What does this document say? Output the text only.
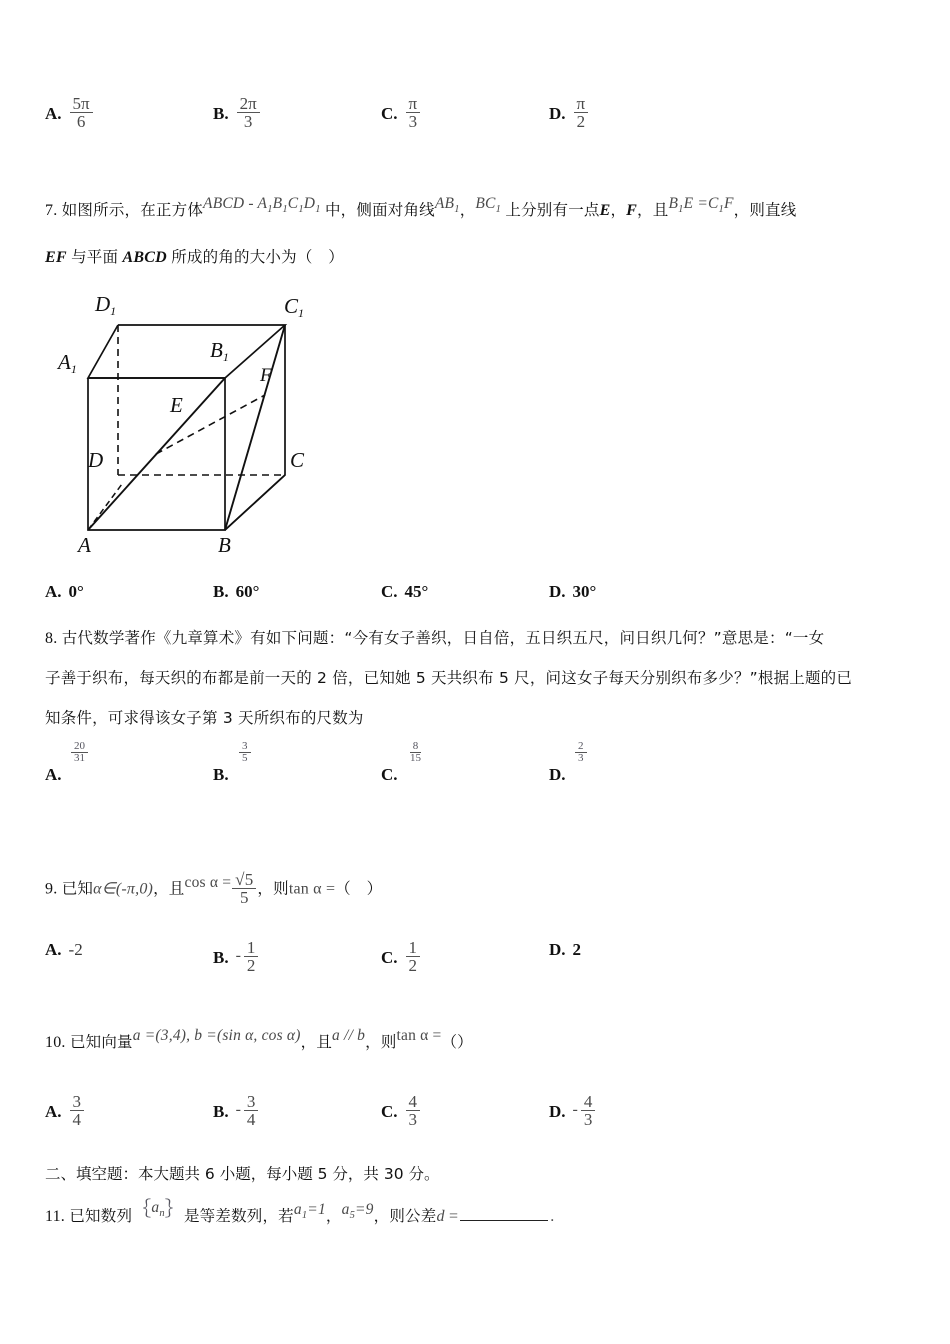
A. $\frac{5\pi}{6}$	B. $\frac{2\pi}{3}$	C. $\frac{\pi}{3}$	D. $\frac{\pi}{2}$
7. 如图所示，在正方体ABCD - $A_1B_1C_1D_1$ 中，侧面对角线$AB_1$，$BC_1$ 上分别有一点E，F，且$B_1E =C_1F$，则直线
EF 与平面 ABCD 所成的角的大小为（　）
D1	C1
A1
B1
D	C
A	B
E
F
A. 0°	B. 60°	C. 45°	D. 30°
8. 古代数学著作《九章算术》有如下问题：“今有女子善织，日自倍，五日织五尺，问日织几何？”意思是：“一女
子善于织布，每天织的布都是前一天的 2 倍，已知她 5 天共织布 5 尺，问这女子每天分别织布多少？”根据上题的已
知条件，可求得该女子第 3 天所织布的尺数为
$\frac{20}{31}$
A.
$\frac{3}{5}$
B.
$\frac{8}{15}$
C.
$\frac{2}{3}$
D.
9. 已知α∈(-π,0)，且$\cos \alpha = \frac{√5}{5}$ ，则tan α =（　）
A. -2	B. - $\frac{1}{2}$	C. $\frac{1}{2}$	D. 2
10. 已知向量a =(3,4), b =(sin α, cos α)，且a // b，则tan α =（）
A. $\frac{3}{4}$	B. - $\frac{3}{4}$	C. $\frac{4}{3}$	D. - $\frac{4}{3}$
二、填空题：本大题共 6 小题，每小题 5 分，共 30 分。
11. 已知数列$\{a_n\}$是等差数列，若$a_1=1$，$a_5=9$，则公差d =	.
